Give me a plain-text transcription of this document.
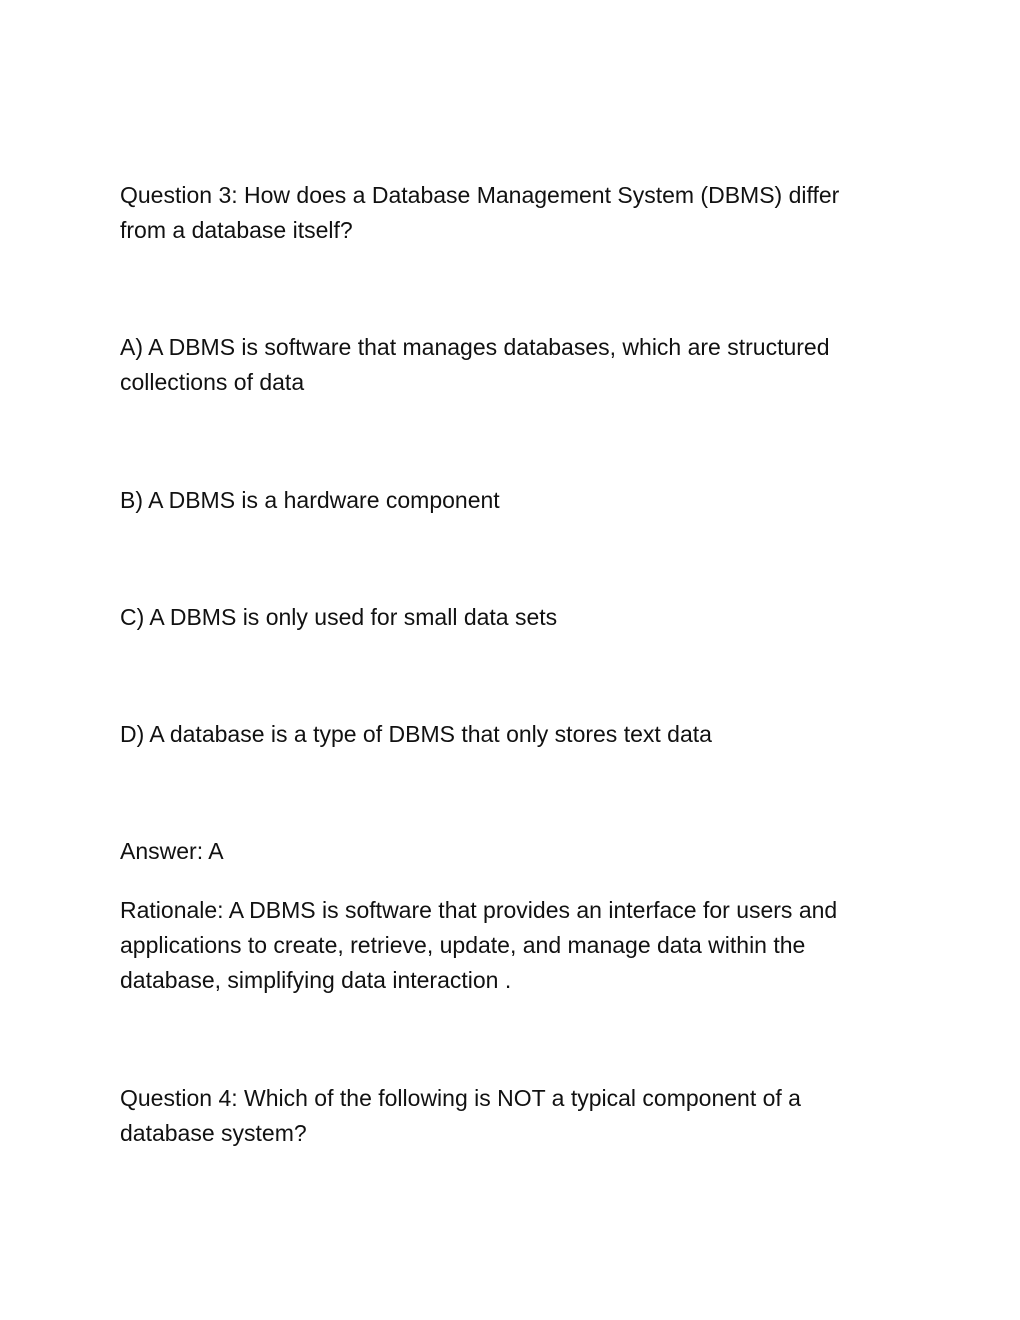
Question 3: How does a Database Management System (DBMS) differ
from a database itself?

A) A DBMS is software that manages databases, which are structured
collections of data

B) A DBMS is a hardware component

C) A DBMS is only used for small data sets

D) A database is a type of DBMS that only stores text data

Answer: A

Rationale: A DBMS is software that provides an interface for users and
applications to create, retrieve, update, and manage data within the
database, simplifying data interaction .

Question 4: Which of the following is NOT a typical component of a
database system?
